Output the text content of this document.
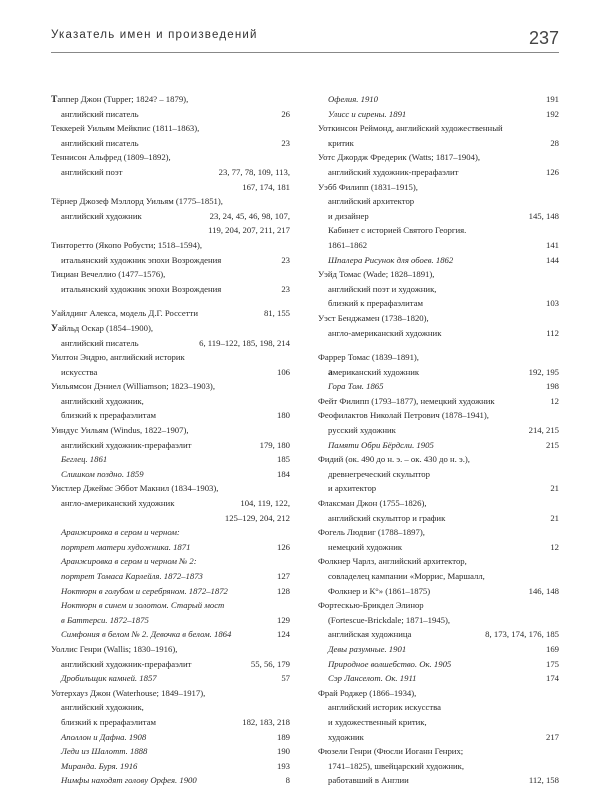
Указатель имен и произведений	237
Таппер Джон (Tupper; 1824? – 1879),
английский писатель	26
Теккерей Уильям Мейкпис (1811–1863),
английский писатель	23
Теннисон Альфред (1809–1892),
английский поэт	23, 77, 78, 109, 113,
167, 174, 181
Тёрнер Джозеф Мэллорд Уильям (1775–1851),
английский художник	23, 24, 45, 46, 98, 107,
119, 204, 207, 211, 217
Тинторетто (Якопо Робусти; 1518–1594),
итальянский художник эпохи Возрождения	23
Тициан Вечеллио (1477–1576),
итальянский художник эпохи Возрождения	23
Уайлдинг Алекса, модель Д.Г. Россетти	81, 155
Уайльд Оскар (1854–1900),
английский писатель	6, 119–122, 185, 198, 214
Уилтон Эндрю, английский историк
искусства	106
Уильямсон Дэниел (Williamson; 1823–1903),
английский художник,
близкий к прерафаэлитам	180
Уиндус Уильям (Windus, 1822–1907),
английский художник-прерафаэлит	179, 180
Беглец. 1861	185
Слишком поздно. 1859	184
Уистлер Джеймс Эббот Макнил (1834–1903),
англо-американский художник	104, 119, 122,
125–129, 204, 212
Аранжировка в сером и черном:
портрет матери художника. 1871	126
Аранжировка в сером и черном № 2:
портрет Томаса Карлейля. 1872–1873	127
Ноктюрн в голубом и серебряном. 1872–1872	128
Ноктюрн в синем и золотом. Старый мост
в Баттерси. 1872–1875	129
Симфония в белом № 2. Девочка в белом. 1864	124
Уоллис Генри (Wallis; 1830–1916),
английский художник-прерафаэлит	55, 56, 179
Дробильщик камней. 1857	57
Уотерхауз Джон (Waterhouse; 1849–1917),
английский художник,
близкий к прерафаэлитам	182, 183, 218
Аполлон и Дафна. 1908	189
Леди из Шалотт. 1888	190
Миранда. Буря. 1916	193
Нимфы находят голову Орфея. 1900	8
Офелия. 1910	191
Улисс и сирены. 1891	192
Уоткинсон Реймонд, английский художественный
критик	28
Уотс Джордж Фредерик (Watts; 1817–1904),
английский художник-прерафаэлит	126
Уэбб Филипп (1831–1915),
английский архитектор
и дизайнер	145, 148
Кабинет с историей Святого Георгия.
1861–1862	141
Шпалера Рисунок для обоев. 1862	144
Уэйд Томас (Wade; 1828–1891),
английский поэт и художник,
близкий к прерафаэлитам	103
Уэст Бенджамен (1738–1820),
англо-американский художник	112
Фаррер Томас (1839–1891),
американский художник	192, 195
Гора Том. 1865	198
Фейт Филипп (1793–1877), немецкий художник	12
Феофилактов Николай Петрович (1878–1941),
русский художник	214, 215
Памяти Обри Бёрдсли. 1905	215
Фидий (ок. 490 до н. э. – ок. 430 до н. э.),
древнегреческий скульптор
и архитектор	21
Флаксман Джон (1755–1826),
английский скульптор и график	21
Фогель Людвиг (1788–1897),
немецкий художник	12
Фолкнер Чарлз, английский архитектор,
совладелец кампании «Моррис, Маршалл,
Фолкнер и К°» (1861–1875)	146, 148
Фортескью-Брикдел Элинор
(Fortescue-Brickdale; 1871–1945),
английская художница	8, 173, 174, 176, 185
Девы разумные. 1901	169
Природное волшебство. Ок. 1905	175
Сэр Ланселот. Ок. 1911	174
Фрай Роджер (1866–1934),
английский историк искусства
и художественный критик,
художник	217
Фюзели Генри (Фюсли Иоганн Генрих;
1741–1825), швейцарский художник,
работавший в Англии	112, 158
